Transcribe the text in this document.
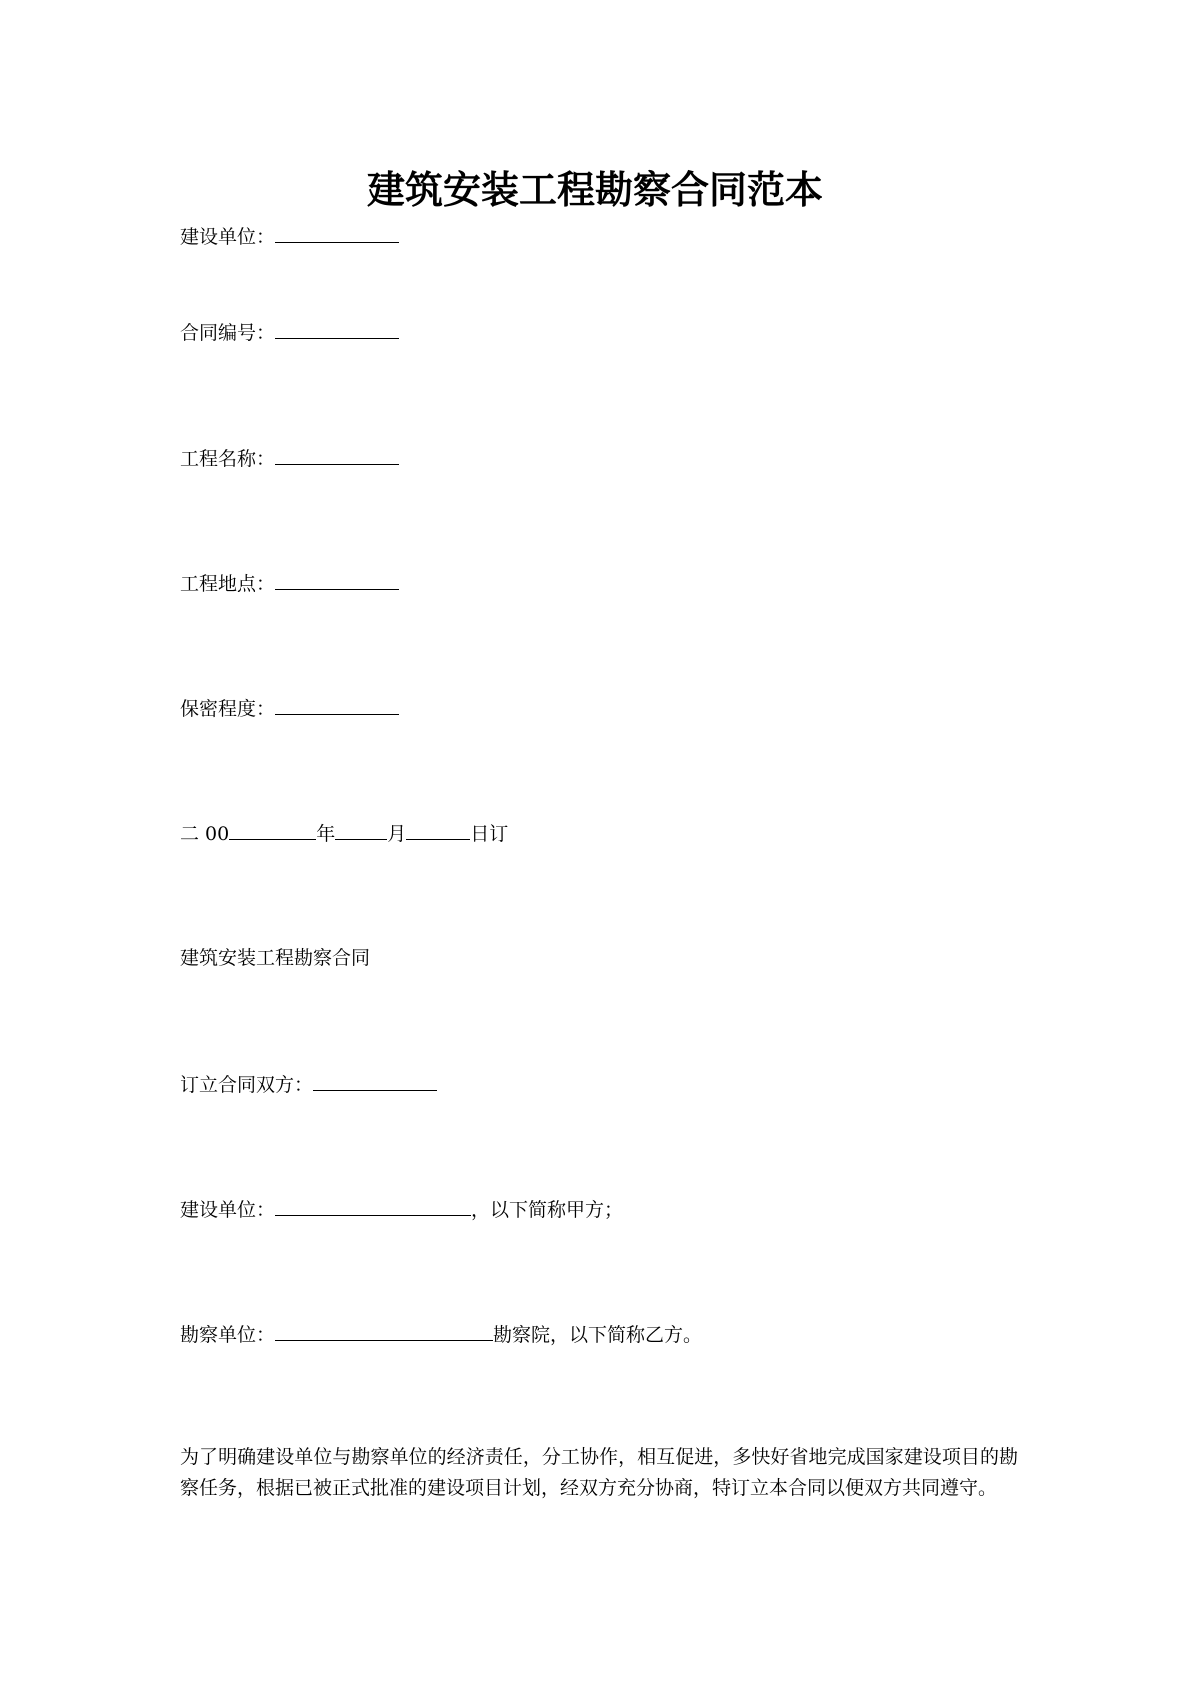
建筑安装工程勘察合同范本
建设单位：
合同编号：
工程名称：
工程地点：
保密程度：
二 00	年	月	日订
建筑安装工程勘察合同
订立合同双方：
建设单位：	，以下简称甲方；
勘察单位：	勘察院，以下简称乙方。

为了明确建设单位与勘察单位的经济责任，分工协作，相互促进，多快好省地完成国家建设项目的勘察任务，根据已被正式批准的建设项目计划，经双方充分协商，特订立本合同以便双方共同遵守。
